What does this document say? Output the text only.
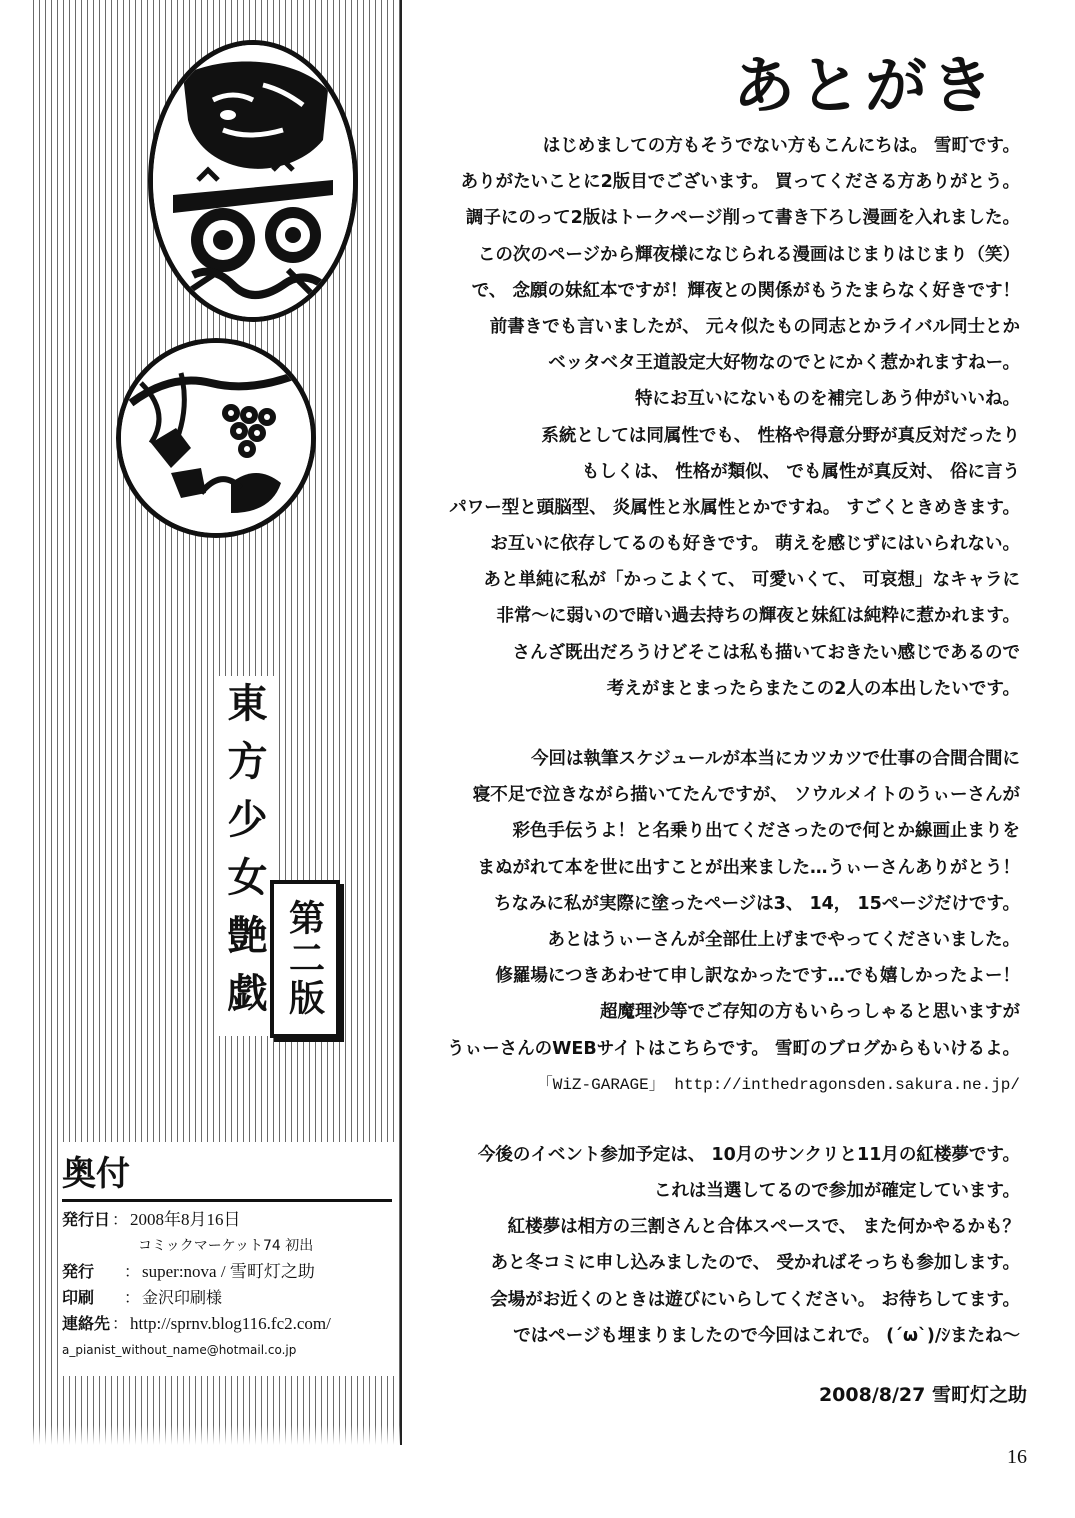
東方少女艶戯 第二版
奥付
発行日 ： 2008年8月16日
コミックマーケット74 初出
発行	： super:nova / 雪町灯之助
印刷	： 金沢印刷様
連絡先 ： http://sprnv.blog116.fc2.com/
a_pianist_without_name@hotmail.co.jp
あとがき

はじめましての方もそうでない方もこんにちは。 雪町です。

ありがたいことに2版目でございます。 買ってくださる方ありがとう。

調子にのって2版はトークページ削って書き下ろし漫画を入れました。

この次のページから輝夜様になじられる漫画はじまりはじまり（笑）

で、 念願の妹紅本ですが！輝夜との関係がもうたまらなく好きです！

前書きでも言いましたが、 元々似たもの同志とかライバル同士とか

ベッタベタ王道設定大好物なのでとにかく惹かれますねー。

特にお互いにないものを補完しあう仲がいいね。

系統としては同属性でも、 性格や得意分野が真反対だったり

もしくは、 性格が類似、 でも属性が真反対、 俗に言う

パワー型と頭脳型、 炎属性と氷属性とかですね。 すごくときめきます。

お互いに依存してるのも好きです。 萌えを感じずにはいられない。

あと単純に私が「かっこよくて、 可愛いくて、 可哀想」なキャラに

非常〜に弱いので暗い過去持ちの輝夜と妹紅は純粋に惹かれます。

さんざ既出だろうけどそこは私も描いておきたい感じであるので

考えがまとまったらまたこの2人の本出したいです。

今回は執筆スケジュールが本当にカツカツで仕事の合間合間に

寝不足で泣きながら描いてたんですが、 ソウルメイトのうぃーさんが

彩色手伝うよ！と名乗り出てくださったので何とか線画止まりを

まぬがれて本を世に出すことが出来ました…うぃーさんありがとう！

ちなみに私が実際に塗ったページは3、 14， 15ページだけです。

あとはうぃーさんが全部仕上げまでやってくださいました。

修羅場につきあわせて申し訳なかったです…でも嬉しかったよー！

超魔理沙等でご存知の方もいらっしゃると思いますが

うぃーさんのWEBサイトはこちらです。 雪町のブログからもいけるよ。

「WiZ-GARAGE」 http://inthedragonsden.sakura.ne.jp/

今後のイベント参加予定は、 10月のサンクリと11月の紅楼夢です。

これは当選してるので参加が確定しています。

紅楼夢は相方の三割さんと合体スペースで、 また何かやるかも？

あと冬コミに申し込みましたので、 受かればそっちも参加します。

会場がお近くのときは遊びにいらしてください。 お待ちしてます。

ではページも埋まりましたので今回はこれで。 (´ω`)/ｼまたね〜

2008/8/27 雪町灯之助
16
